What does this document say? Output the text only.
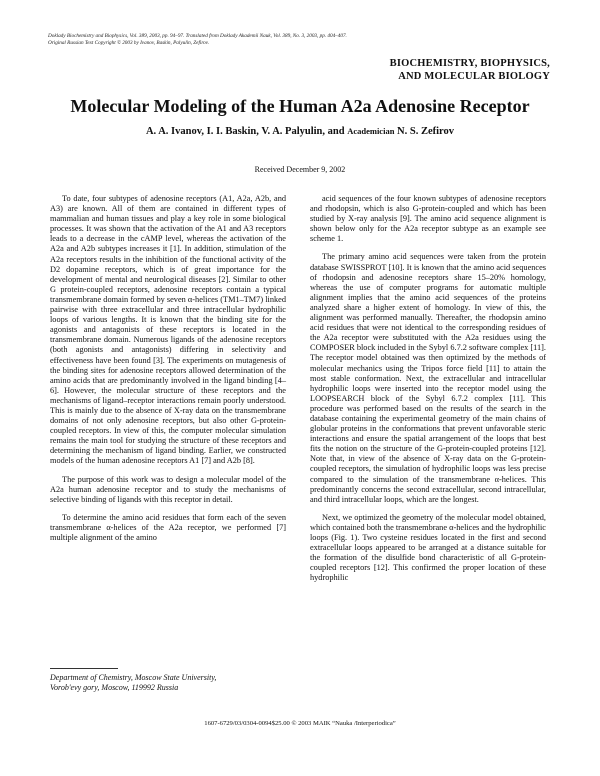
Doklady Biochemistry and Biophysics, Vol. 389, 2003, pp. 94–97. Translated from Doklady Akademii Nauk, Vol. 389, No. 3, 2003, pp. 404–407.
Original Russian Text Copyright © 2003 by Ivanov, Baskin, Palyulin, Zefirov.
BIOCHEMISTRY, BIOPHYSICS,
AND MOLECULAR BIOLOGY
Molecular Modeling of the Human A2a Adenosine Receptor
A. A. Ivanov, I. I. Baskin, V. A. Palyulin, and Academician N. S. Zefirov
Received December 9, 2002

To date, four subtypes of adenosine receptors (A1, A2a, A2b, and A3) are known. All of them are contained in different types of mammalian and human tissues and play a key role in some biological processes. It was shown that the activation of the A1 and A3 receptors leads to a decrease in the cAMP level, whereas the activation of the A2a and A2b subtypes increases it [1]. In addition, stimulation of the A2a receptors results in the inhibition of the functional activity of the D2 dopamine receptors, which is of great importance for the development of mental and neurological diseases [2]. Similar to other G protein-coupled receptors, adenosine receptors contain a typical transmembrane domain formed by seven α-helices (TM1–TM7) linked pairwise with three extracellular and three intracellular hydrophilic loops of various lengths. It is known that the binding site for the agonists and antagonists of these receptors is located in the transmembrane domain. Numerous ligands of the adenosine receptors (both agonists and antagonists) differing in selectivity and effectiveness have been found [3]. The experiments on mutagenesis of the binding sites for adenosine receptors allowed determination of the amino acids that are predominantly involved in the ligand binding [4–6]. However, the molecular structure of these receptors and the mechanisms of ligand–receptor interactions remain poorly understood. This is mainly due to the absence of X-ray data on the transmembrane domains of not only adenosine receptors, but also other G-protein-coupled receptors. In view of this, the computer molecular simulation remains the main tool for studying the structure of these receptors and determining the mechanism of ligand binding. Earlier, we constructed models of the human adenosine receptors A1 [7] and A2b [8].

The purpose of this work was to design a molecular model of the A2a human adenosine receptor and to study the mechanisms of selective binding of ligands with this receptor in detail.

To determine the amino acid residues that form each of the seven transmembrane α-helices of the A2a receptor, we performed [7] multiple alignment of the amino

acid sequences of the four known subtypes of adenosine receptors and rhodopsin, which is also G-protein-coupled and which has been studied by X-ray analysis [9]. The amino acid sequence alignment is shown below only for the A2a receptor subtype as an example see scheme 1.

The primary amino acid sequences were taken from the protein database SWISSPROT [10]. It is known that the amino acid sequences of rhodopsin and adenosine receptors share 15–20% homology, whereas the use of computer programs for automatic multiple alignment implies that the amino acid sequences of the proteins analyzed share a higher extent of homology. In view of this, the alignment was performed manually. Thereafter, the rhodopsin amino acid residues that were not identical to the corresponding residues of the A2a receptor were substituted with the A2a residues using the COMPOSER block included in the Sybyl 6.7.2 software complex [11]. The receptor model obtained was then optimized by the methods of molecular mechanics using the Tripos force field [11] to attain the most stable conformation. Next, the extracellular and intracellular hydrophilic loops were inserted into the receptor model using the LOOPSEARCH block of the Sybyl 6.7.2 complex [11]. This procedure was performed based on the results of the search in the database containing the experimental geometry of the main chains of globular proteins in the conformations that prevent unfavorable steric interactions and ensure the spatial arrangement of the loops that best fits the notion on the structure of the G-protein-coupled proteins [12]. Note that, in view of the absence of X-ray data on the G-protein-coupled receptors, the simulation of hydrophilic loops was less precise compared to the simulation of the transmembrane α-helices. This predominantly concerns the second extracellular, second intracellular, and third intracellular loops, which are the longest.

Next, we optimized the geometry of the molecular model obtained, which contained both the transmembrane α-helices and the hydrophilic loops (Fig. 1). Two cysteine residues located in the first and second extracellular loops appeared to be arranged at a distance suitable for the formation of the disulfide bond characteristic of all G-protein-coupled receptors [12]. This confirmed the proper location of these hydrophilic

Department of Chemistry, Moscow State University,
Vorob'evy gory, Moscow, 119992 Russia
1607-6729/03/0304-0094$25.00 © 2003 MAIK “Nauka /Interperiodica”
